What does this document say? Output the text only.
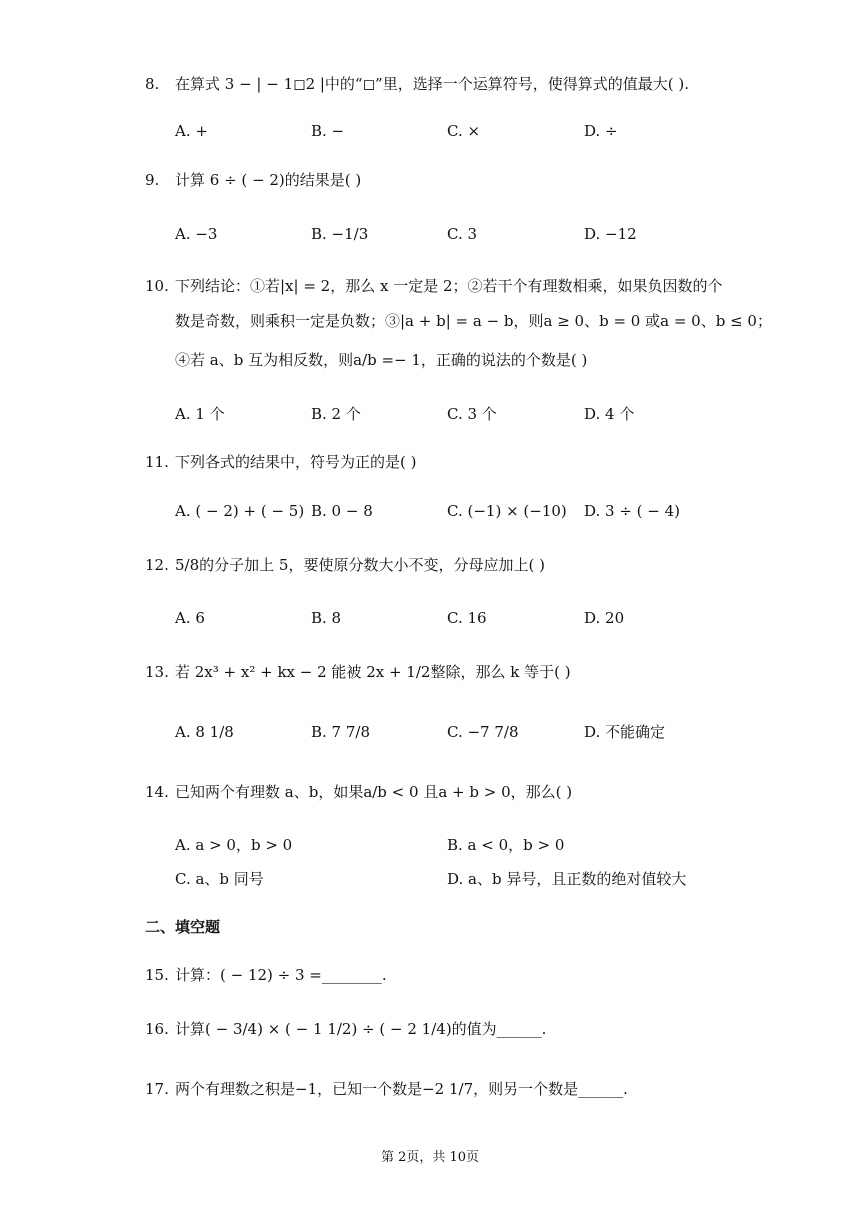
8. 在算式 3 − | − 1◻2 |中的“◻”里，选择一个运算符号，使得算式的值最大( ).
A. +	B. −	C. ×	D. ÷
9. 计算 6 ÷ ( − 2)的结果是( )
A. −3	B. −1/3	C. 3	D. −12
10. 下列结论：①若|x| = 2，那么 x 一定是 2；②若干个有理数相乘，如果负因数的个
数是奇数，则乘积一定是负数；③|a + b| = a − b，则a ≥ 0、b = 0 或a = 0、b ≤ 0；
④若 a、b 互为相反数，则a/b =− 1，正确的说法的个数是( )
A. 1 个	B. 2 个	C. 3 个	D. 4 个
11. 下列各式的结果中，符号为正的是( )
A. ( − 2) + ( − 5) B. 0 − 8	C. (−1) × (−10) D. 3 ÷ ( − 4)
12. 5/8的分子加上 5，要使原分数大小不变，分母应加上( )
A. 6	B. 8	C. 16	D. 20
13. 若 2x³ + x² + kx − 2 能被 2x + 1/2整除，那么 k 等于( )
A. 8 1/8	B. 7 7/8	C. −7 7/8	D. 不能确定
14. 已知两个有理数 a、b，如果a/b < 0 且a + b > 0，那么( )
A. a > 0，b > 0	B. a < 0，b > 0
C. a、b 同号	D. a、b 异号，且正数的绝对值较大
二、填空题
15. 计算：( − 12) ÷ 3 =________.
16. 计算( − 3/4) × ( − 1 1/2) ÷ ( − 2 1/4)的值为______.
17. 两个有理数之积是−1，已知一个数是−2 1/7，则另一个数是______.
第 2页，共 10页
